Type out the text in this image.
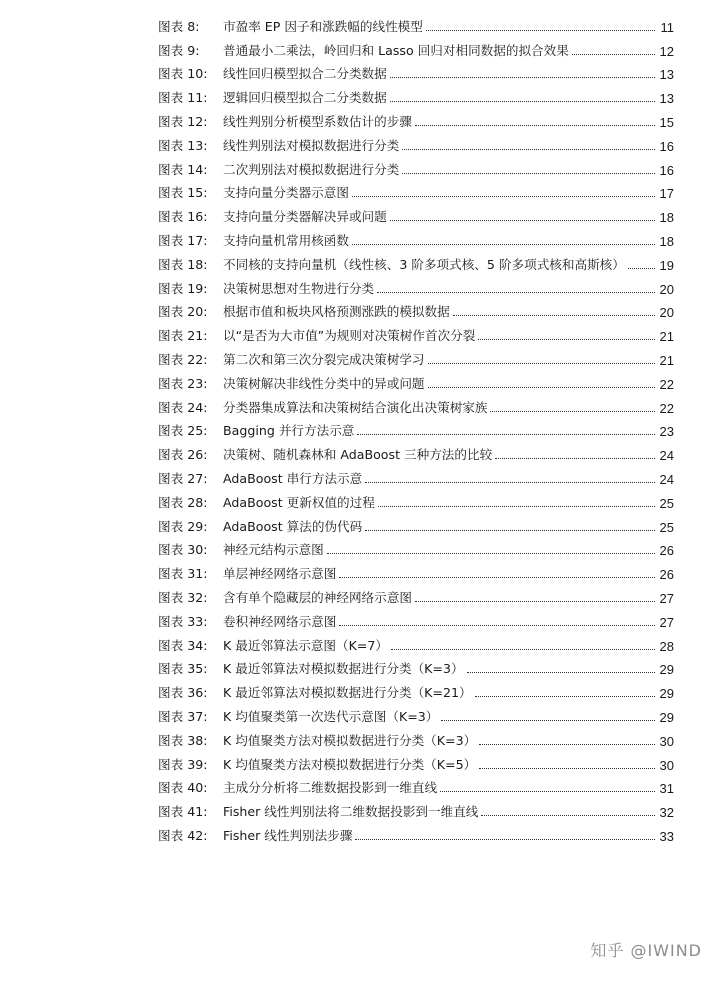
图表 8:	市盈率 EP 因子和涨跌幅的线性模型	11
图表 9:	普通最小二乘法，岭回归和 Lasso 回归对相同数据的拟合效果	12
图表 10:	线性回归模型拟合二分类数据	13
图表 11:	逻辑回归模型拟合二分类数据	13
图表 12:	线性判别分析模型系数估计的步骤	15
图表 13:	线性判别法对模拟数据进行分类	16
图表 14:	二次判别法对模拟数据进行分类	16
图表 15:	支持向量分类器示意图	17
图表 16:	支持向量分类器解决异或问题	18
图表 17:	支持向量机常用核函数	18
图表 18:	不同核的支持向量机（线性核、3 阶多项式核、5 阶多项式核和高斯核）	19
图表 19:	决策树思想对生物进行分类	20
图表 20:	根据市值和板块风格预测涨跌的模拟数据	20
图表 21:	以“是否为大市值”为规则对决策树作首次分裂	21
图表 22:	第二次和第三次分裂完成决策树学习	21
图表 23:	决策树解决非线性分类中的异或问题	22
图表 24:	分类器集成算法和决策树结合演化出决策树家族	22
图表 25:	Bagging 并行方法示意	23
图表 26:	决策树、随机森林和 AdaBoost 三种方法的比较	24
图表 27:	AdaBoost 串行方法示意	24
图表 28:	AdaBoost 更新权值的过程	25
图表 29:	AdaBoost 算法的伪代码	25
图表 30:	神经元结构示意图	26
图表 31:	单层神经网络示意图	26
图表 32:	含有单个隐藏层的神经网络示意图	27
图表 33:	卷积神经网络示意图	27
图表 34:	K 最近邻算法示意图（K=7）	28
图表 35:	K 最近邻算法对模拟数据进行分类（K=3）	29
图表 36:	K 最近邻算法对模拟数据进行分类（K=21）	29
图表 37:	K 均值聚类第一次迭代示意图（K=3）	29
图表 38:	K 均值聚类方法对模拟数据进行分类（K=3）	30
图表 39:	K 均值聚类方法对模拟数据进行分类（K=5）	30
图表 40:	主成分分析将二维数据投影到一维直线	31
图表 41:	Fisher 线性判别法将二维数据投影到一维直线	32
图表 42:	Fisher 线性判别法步骤	33
知乎 @IWIND
